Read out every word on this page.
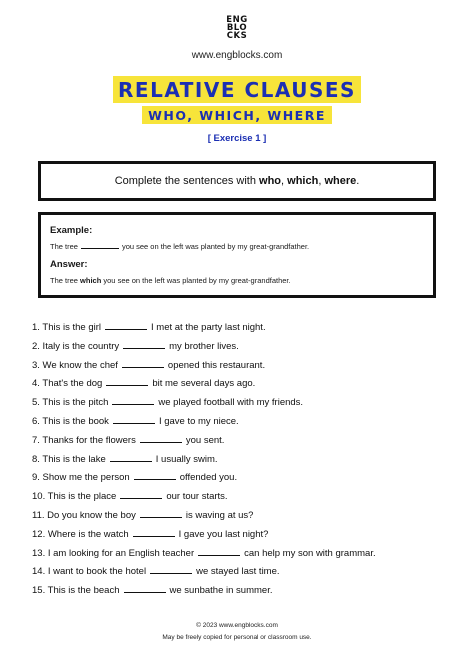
ENG
BLO
CKS
www.engblocks.com
RELATIVE CLAUSES
WHO, WHICH, WHERE
[ Exercise 1 ]
Complete the sentences with who, which, where.
Example:
The tree	you see on the left was planted by my great-grandfather.
Answer:
The tree which you see on the left was planted by my great-grandfather.
1. This is the girl	I met at the party last night.
2. Italy is the country	my brother lives.
3. We know the chef	opened this restaurant.
4. That's the dog	bit me several days ago.
5. This is the pitch	we played football with my friends.
6. This is the book	I gave to my niece.
7. Thanks for the flowers	you sent.
8. This is the lake	I usually swim.
9. Show me the person	offended you.
10. This is the place	our tour starts.
11. Do you know the boy	is waving at us?
12. Where is the watch	I gave you last night?
13. I am looking for an English teacher	can help my son with grammar.
14. I want to book the hotel	we stayed last time.
15. This is the beach	we sunbathe in summer.
© 2023 www.engblocks.com
May be freely copied for personal or classroom use.
